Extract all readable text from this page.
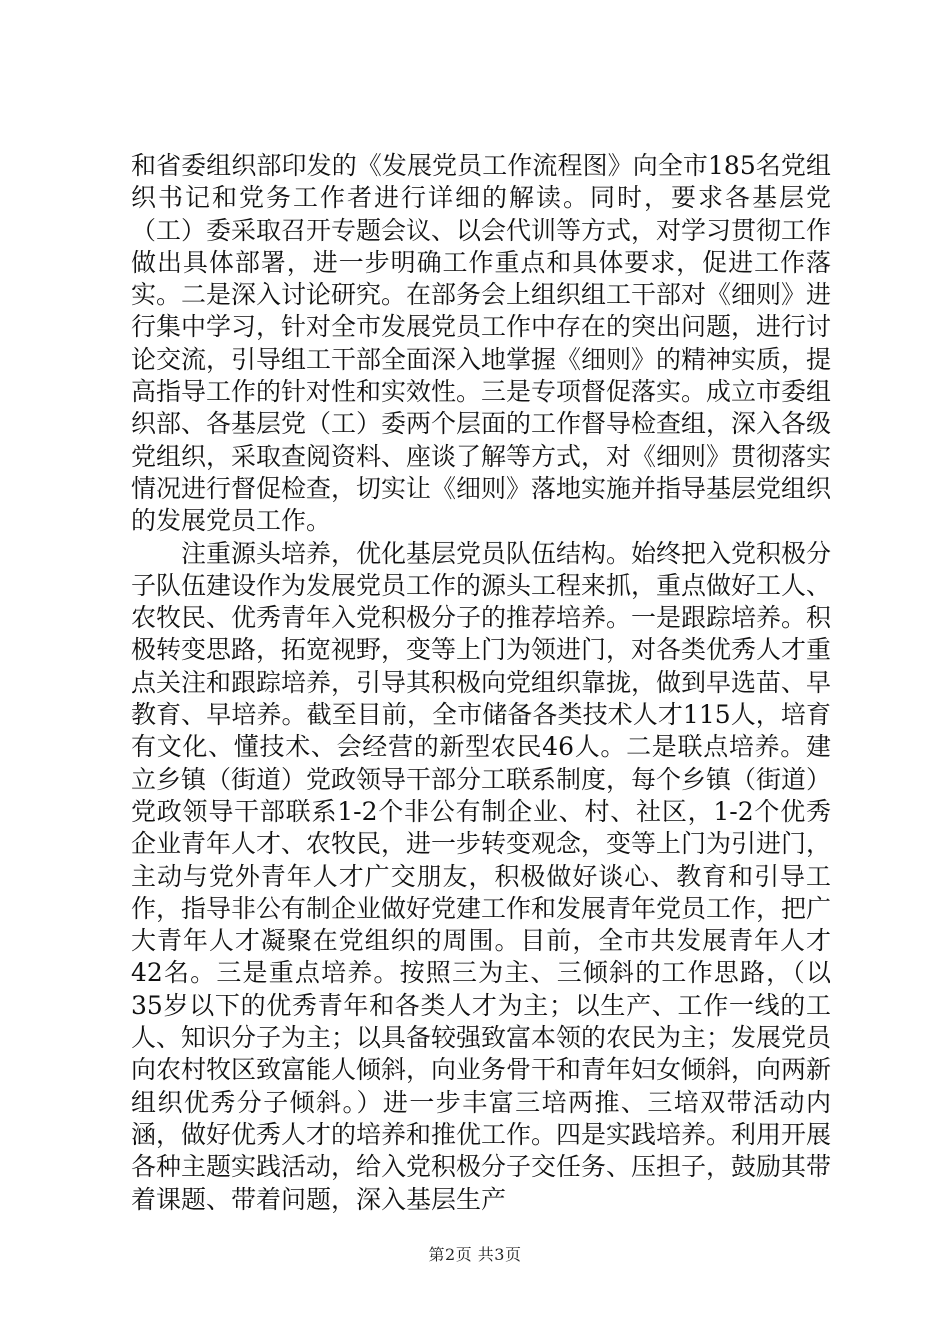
和省委组织部印发的《发展党员工作流程图》向全市185名党组织书记和党务工作者进行详细的解读。同时，要求各基层党（工）委采取召开专题会议、以会代训等方式，对学习贯彻工作做出具体部署，进一步明确工作重点和具体要求，促进工作落实。二是深入讨论研究。在部务会上组织组工干部对《细则》进行集中学习，针对全市发展党员工作中存在的突出问题，进行讨论交流，引导组工干部全面深入地掌握《细则》的精神实质，提高指导工作的针对性和实效性。三是专项督促落实。成立市委组织部、各基层党（工）委两个层面的工作督导检查组，深入各级党组织，采取查阅资料、座谈了解等方式，对《细则》贯彻落实情况进行督促检查，切实让《细则》落地实施并指导基层党组织的发展党员工作。

注重源头培养，优化基层党员队伍结构。始终把入党积极分子队伍建设作为发展党员工作的源头工程来抓，重点做好工人、农牧民、优秀青年入党积极分子的推荐培养。一是跟踪培养。积极转变思路，拓宽视野，变等上门为领进门，对各类优秀人才重点关注和跟踪培养，引导其积极向党组织靠拢，做到早选苗、早教育、早培养。截至目前，全市储备各类技术人才115人，培育有文化、懂技术、会经营的新型农民46人。二是联点培养。建立乡镇（街道）党政领导干部分工联系制度，每个乡镇（街道）党政领导干部联系1-2个非公有制企业、村、社区，1-2个优秀企业青年人才、农牧民，进一步转变观念，变等上门为引进门，主动与党外青年人才广交朋友，积极做好谈心、教育和引导工作，指导非公有制企业做好党建工作和发展青年党员工作，把广大青年人才凝聚在党组织的周围。目前，全市共发展青年人才42名。三是重点培养。按照三为主、三倾斜的工作思路，（以35岁以下的优秀青年和各类人才为主；以生产、工作一线的工人、知识分子为主；以具备较强致富本领的农民为主；发展党员向农村牧区致富能人倾斜，向业务骨干和青年妇女倾斜，向两新组织优秀分子倾斜。）进一步丰富三培两推、三培双带活动内涵，做好优秀人才的培养和推优工作。四是实践培养。利用开展各种主题实践活动，给入党积极分子交任务、压担子，鼓励其带着课题、带着问题，深入基层生产

第2页 共3页
